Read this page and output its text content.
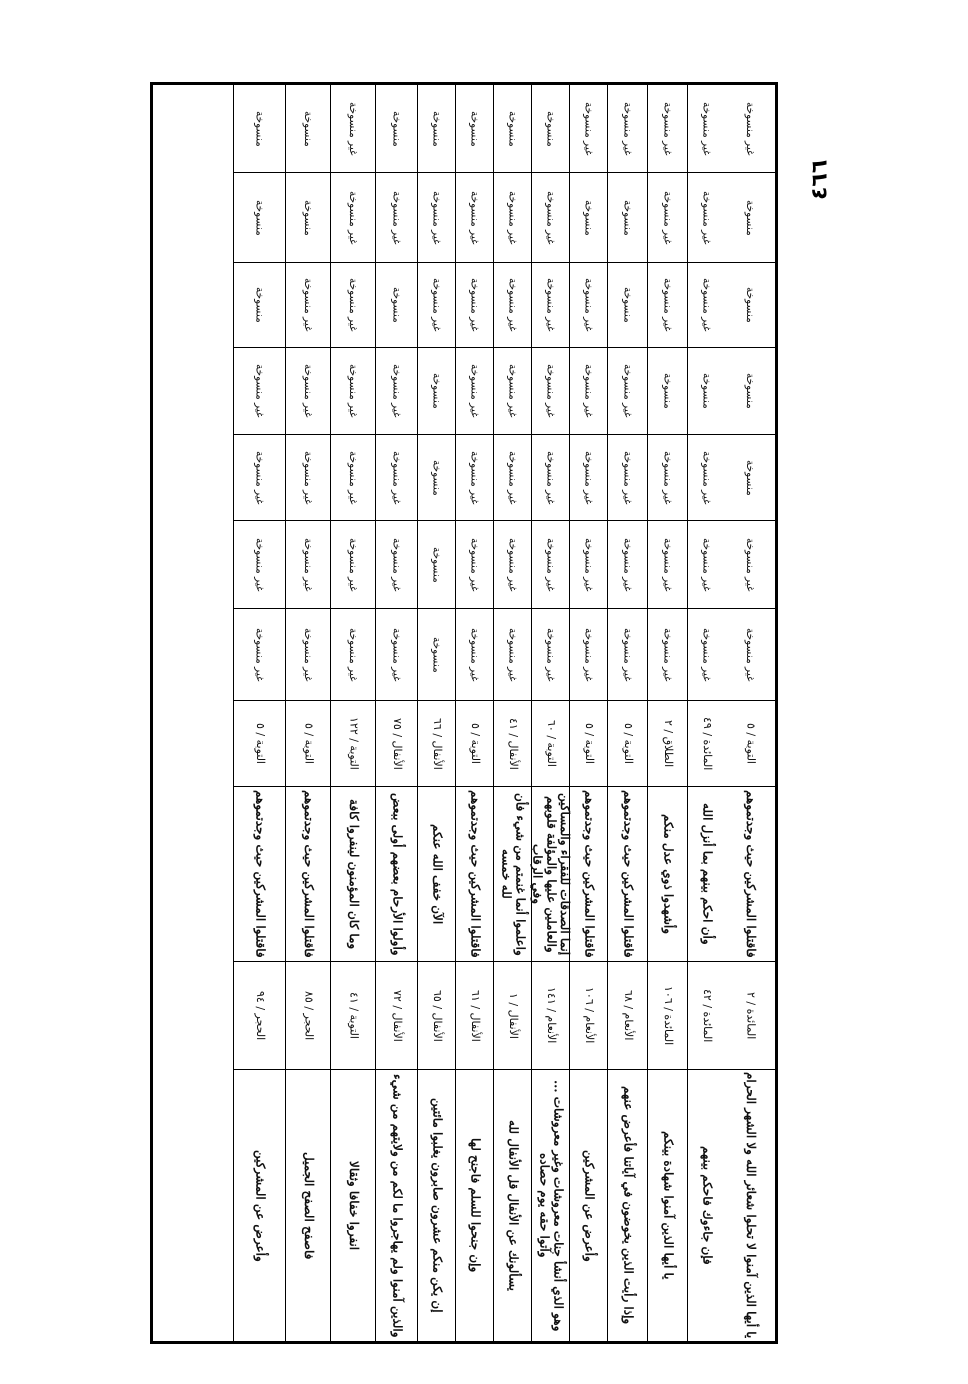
٤٦٦
غير منسوخة
منسوخة
منسوخة
منسوخة
منسوخة
غير منسوخة
غير منسوخة
التوبة / ٥
فاقتلوا المشركين حيث وجدتموهم
المائدة / ٢
يا أيها الذين آمنوا لا تحلوا شعائر الله ولا الشهر الحرام
غير منسوخة
غير منسوخة
غير منسوخة
منسوخة
غير منسوخة
غير منسوخة
غير منسوخة
المائدة / ٤٩
وأن احكم بينهم بما أنزل الله
المائدة / ٤٢
فإن جاءوك فاحكم بينهم
غير منسوخة
غير منسوخة
غير منسوخة
منسوخة
غير منسوخة
غير منسوخة
غير منسوخة
الطلاق / ٢
وأشهدوا ذوي عدل منكم
المائدة / ١٠٦
يا أيها الذين آمنوا شهادة بينكم
غير منسوخة
منسوخة
منسوخة
غير منسوخة
غير منسوخة
غير منسوخة
غير منسوخة
التوبة / ٥
فاقتلوا المشركين حيث وجدتموهم
الأنعام / ٦٨
وإذا رأيت الذين يخوضون في آياتنا فأعرض عنهم
غير منسوخة
منسوخة
غير منسوخة
غير منسوخة
غير منسوخة
غير منسوخة
غير منسوخة
التوبة / ٥
فاقتلوا المشركين حيث وجدتموهم
الأنعام / ١٠٦
وأعرض عن المشركين
منسوخة
غير منسوخة
غير منسوخة
غير منسوخة
غير منسوخة
غير منسوخة
غير منسوخة
التوبة / ٦٠
إنما الصدقات للفقراء والمساكين والعاملين عليها والمؤلفة قلوبهم وفي الرقاب
الأنعام / ١٤١
وهو الذي أنشأ جنات معروشات وغير معروشات ... وآتوا حقه يوم حصاده
منسوخة
غير منسوخة
غير منسوخة
غير منسوخة
غير منسوخة
غير منسوخة
غير منسوخة
الأنفال / ٤١
واعلموا أنما غنمتم من شيء فأن لله خمسه
الأنفال / ١
يسألونك عن الأنفال قل الأنفال لله
منسوخة
غير منسوخة
غير منسوخة
غير منسوخة
غير منسوخة
غير منسوخة
غير منسوخة
التوبة / ٥
فاقتلوا المشركين حيث وجدتموهم
الأنفال / ٦١
وإن جنحوا للسلم فاجنح لها
منسوخة
غير منسوخة
غير منسوخة
منسوخة
منسوخة
منسوخة
منسوخة
الأنفال / ٦٦
الآن خفف الله عنكم
الأنفال / ٦٥
إن يكن منكم عشرون صابرون يغلبوا مائتين
منسوخة
غير منسوخة
منسوخة
غير منسوخة
غير منسوخة
غير منسوخة
غير منسوخة
الأنفال / ٧٥
وأولوا الأرحام بعضهم أولى ببعض
الأنفال / ٧٢
والذين آمنوا ولم يهاجروا ما لكم من ولايتهم من شيء
غير منسوخة
غير منسوخة
غير منسوخة
غير منسوخة
غير منسوخة
غير منسوخة
غير منسوخة
التوبة / ١٢٢
وما كان المؤمنون لينفروا كافة
التوبة / ٤١
انفروا خفافا وثقالا
منسوخة
منسوخة
غير منسوخة
غير منسوخة
غير منسوخة
غير منسوخة
غير منسوخة
التوبة / ٥
فاقتلوا المشركين حيث وجدتموهم
الحجر / ٨٥
فاصفح الصفح الجميل
منسوخة
منسوخة
منسوخة
غير منسوخة
غير منسوخة
غير منسوخة
غير منسوخة
التوبة / ٥
فاقتلوا المشركين حيث وجدتموهم
الحجر / ٩٤
وأعرض عن المشركين
